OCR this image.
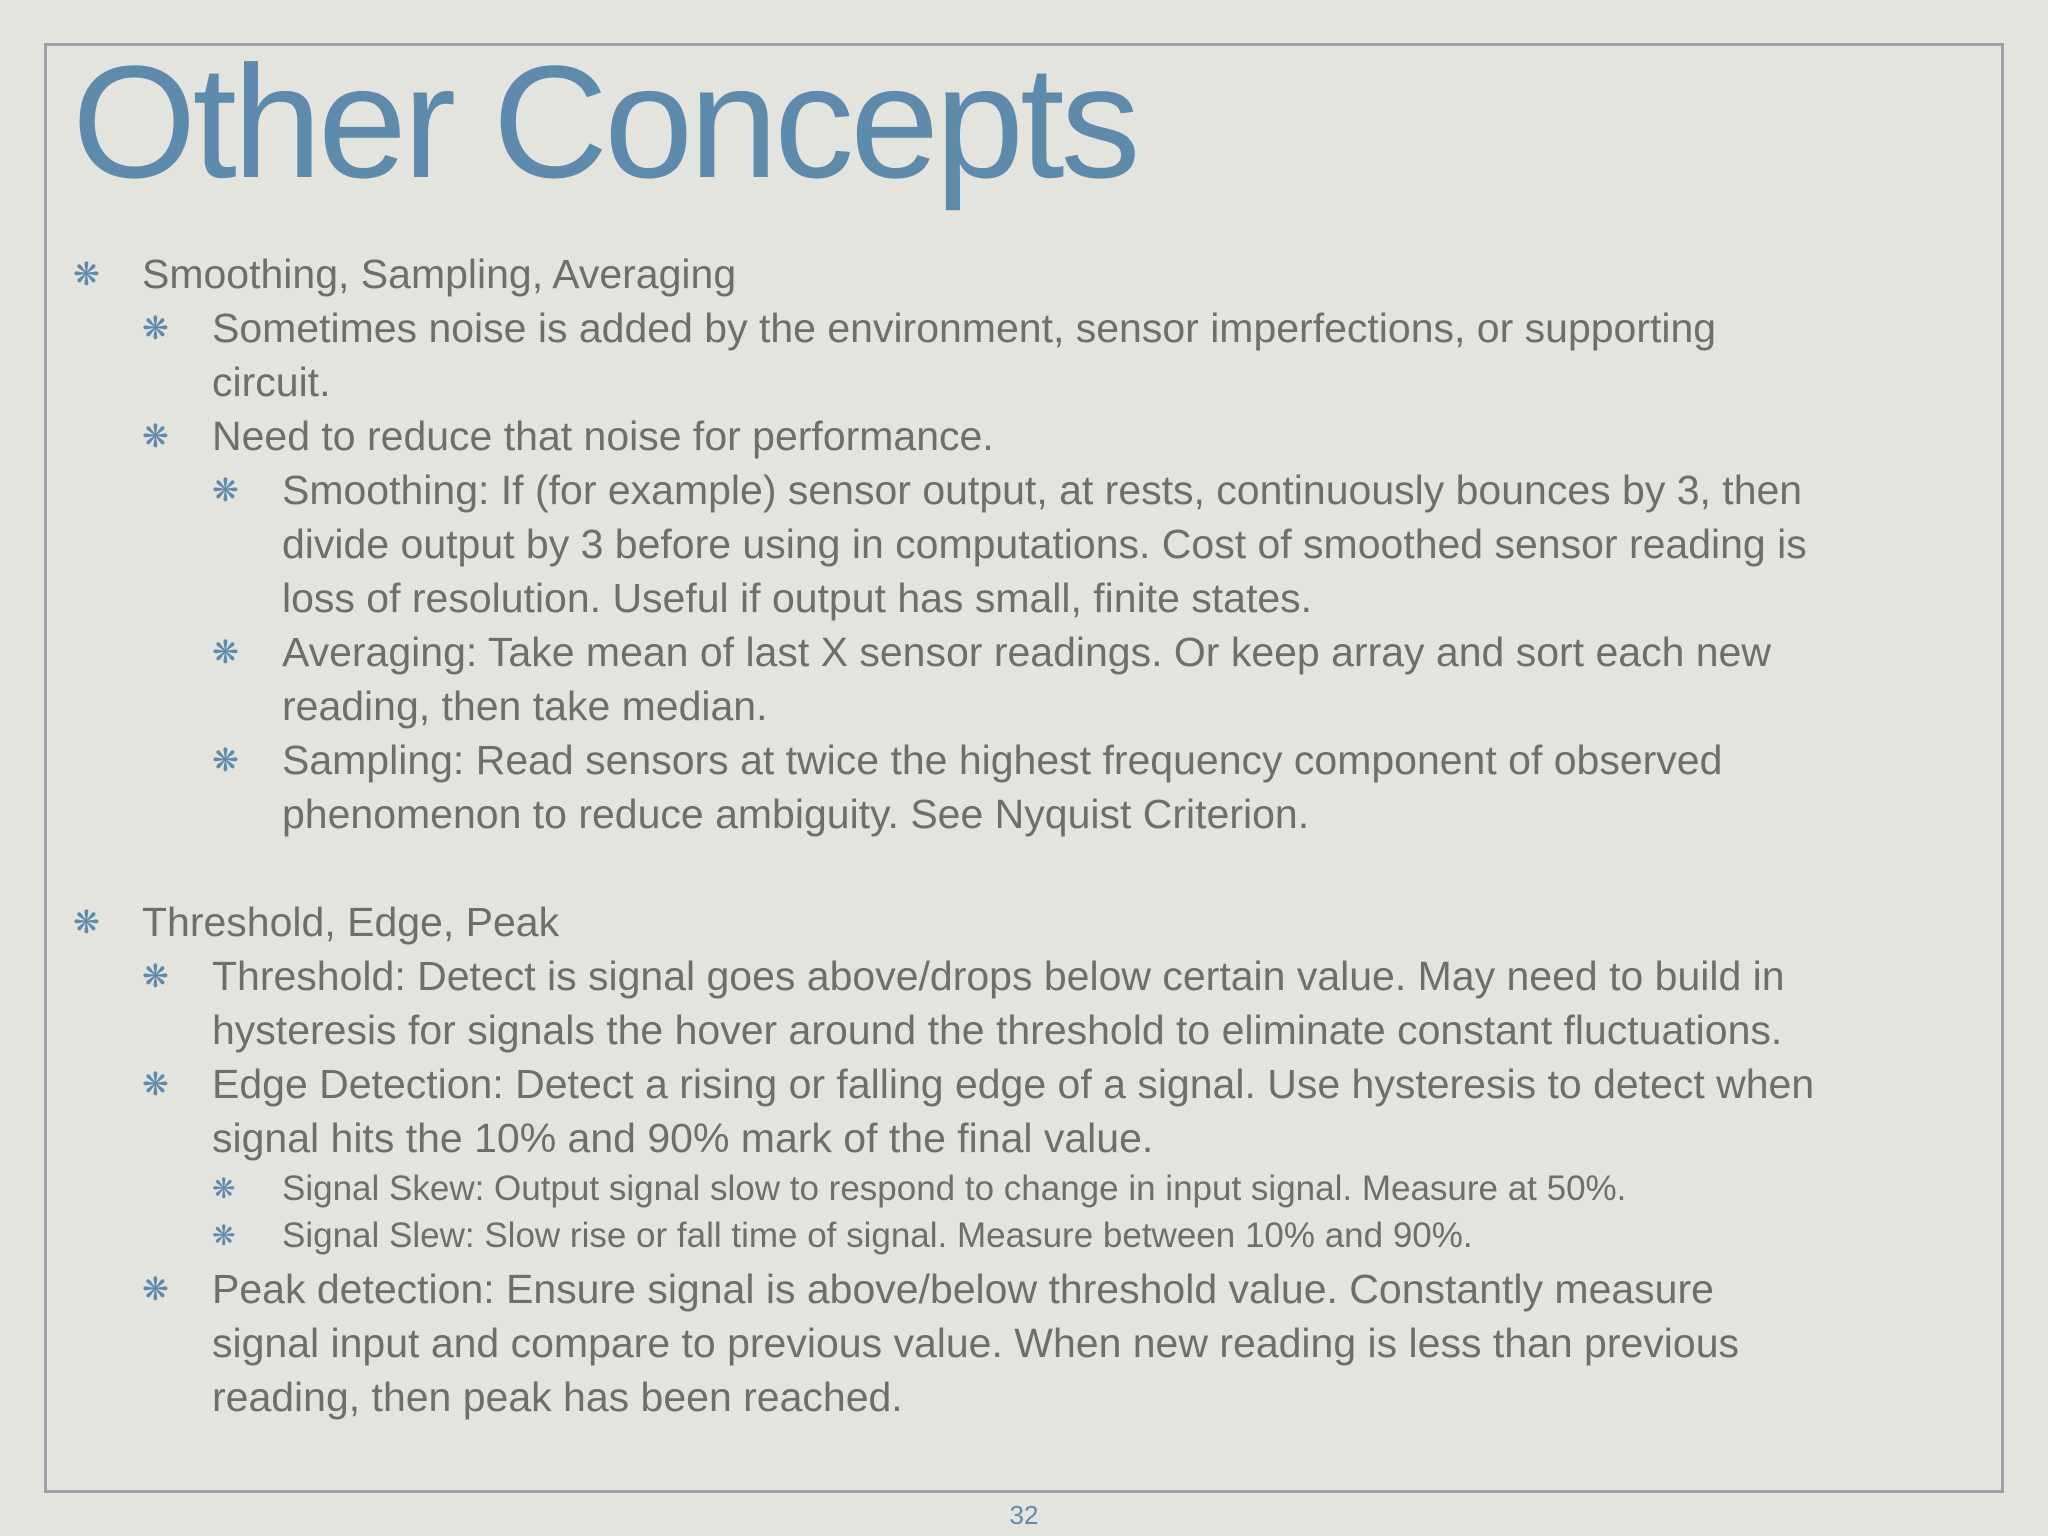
Other Concepts
❋ Smoothing, Sampling, Averaging
❋ Sometimes noise is added by the environment, sensor imperfections, or supporting
circuit.
❋ Need to reduce that noise for performance.
❋ Smoothing: If (for example) sensor output, at rests, continuously bounces by 3, then
divide output by 3 before using in computations. Cost of smoothed sensor reading is
loss of resolution. Useful if output has small, finite states.
❋ Averaging: Take mean of last X sensor readings. Or keep array and sort each new
reading, then take median.
❋ Sampling: Read sensors at twice the highest frequency component of observed
phenomenon to reduce ambiguity. See Nyquist Criterion.
❋ Threshold, Edge, Peak
❋ Threshold: Detect is signal goes above/drops below certain value. May need to build in
hysteresis for signals the hover around the threshold to eliminate constant fluctuations.
❋ Edge Detection: Detect a rising or falling edge of a signal. Use hysteresis to detect when
signal hits the 10% and 90% mark of the final value.
❋ Signal Skew: Output signal slow to respond to change in input signal. Measure at 50%.
❋ Signal Slew: Slow rise or fall time of signal. Measure between 10% and 90%.
❋ Peak detection: Ensure signal is above/below threshold value. Constantly measure
signal input and compare to previous value. When new reading is less than previous
reading, then peak has been reached.
32
